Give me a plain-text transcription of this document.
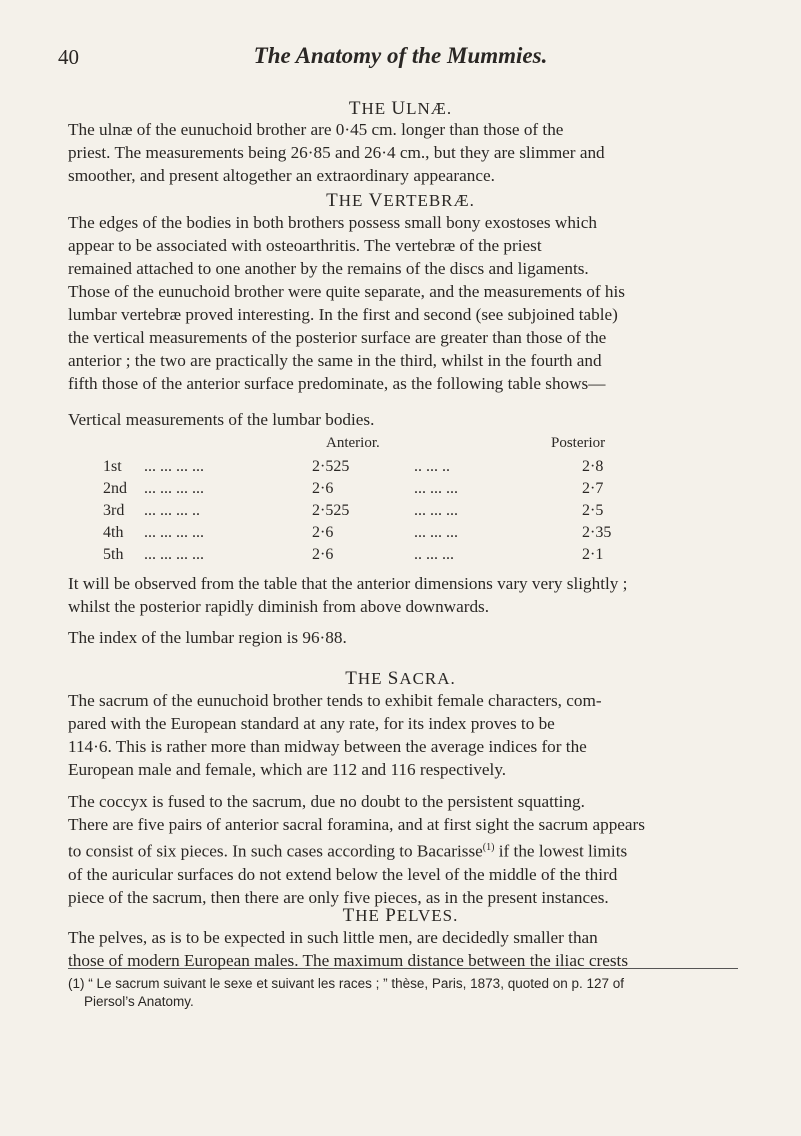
40	The Anatomy of the Mummies.
THE ULNÆ.
The ulnæ of the eunuchoid brother are 0·45 cm. longer than those of the
priest. The measurements being 26·85 and 26·4 cm., but they are slimmer and
smoother, and present altogether an extraordinary appearance.
THE VERTEBRÆ.
The edges of the bodies in both brothers possess small bony exostoses which
appear to be associated with osteoarthritis. The vertebræ of the priest
remained attached to one another by the remains of the discs and ligaments.
Those of the eunuchoid brother were quite separate, and the measurements of his
lumbar vertebræ proved interesting. In the first and second (see subjoined table)
the vertical measurements of the posterior surface are greater than those of the
anterior ; the two are practically the same in the third, whilst in the fourth and
fifth those of the anterior surface predominate, as the following table shows—
Vertical measurements of the lumbar bodies.
Anterior.	Posterior
1st ... ... ... ...	2·525	.. ... ..	2·8
2nd ... ... ... ...	2·6	... ... ...	2·7
3rd ... ... ... ..	2·525	... ... ...	2·5
4th ... ... ... ...	2·6	... ... ...	2·35
5th ... ... ... ...	2·6	.. ... ...	2·1
It will be observed from the table that the anterior dimensions vary very slightly ;
whilst the posterior rapidly diminish from above downwards.
The index of the lumbar region is 96·88.
THE SACRA.
The sacrum of the eunuchoid brother tends to exhibit female characters, com-
pared with the European standard at any rate, for its index proves to be
114·6. This is rather more than midway between the average indices for the
European male and female, which are 112 and 116 respectively.
The coccyx is fused to the sacrum, due no doubt to the persistent squatting.
There are five pairs of anterior sacral foramina, and at first sight the sacrum appears
to consist of six pieces. In such cases according to Bacarisse$^{(1)}$ if the lowest limits
of the auricular surfaces do not extend below the level of the middle of the third
piece of the sacrum, then there are only five pieces, as in the present instances.
THE PELVES.
The pelves, as is to be expected in such little men, are decidedly smaller than
those of modern European males. The maximum distance between the iliac crests
(1) “ Le sacrum suivant le sexe et suivant les races ; ” thèse, Paris, 1873, quoted on p. 127 of
Piersol’s Anatomy.
